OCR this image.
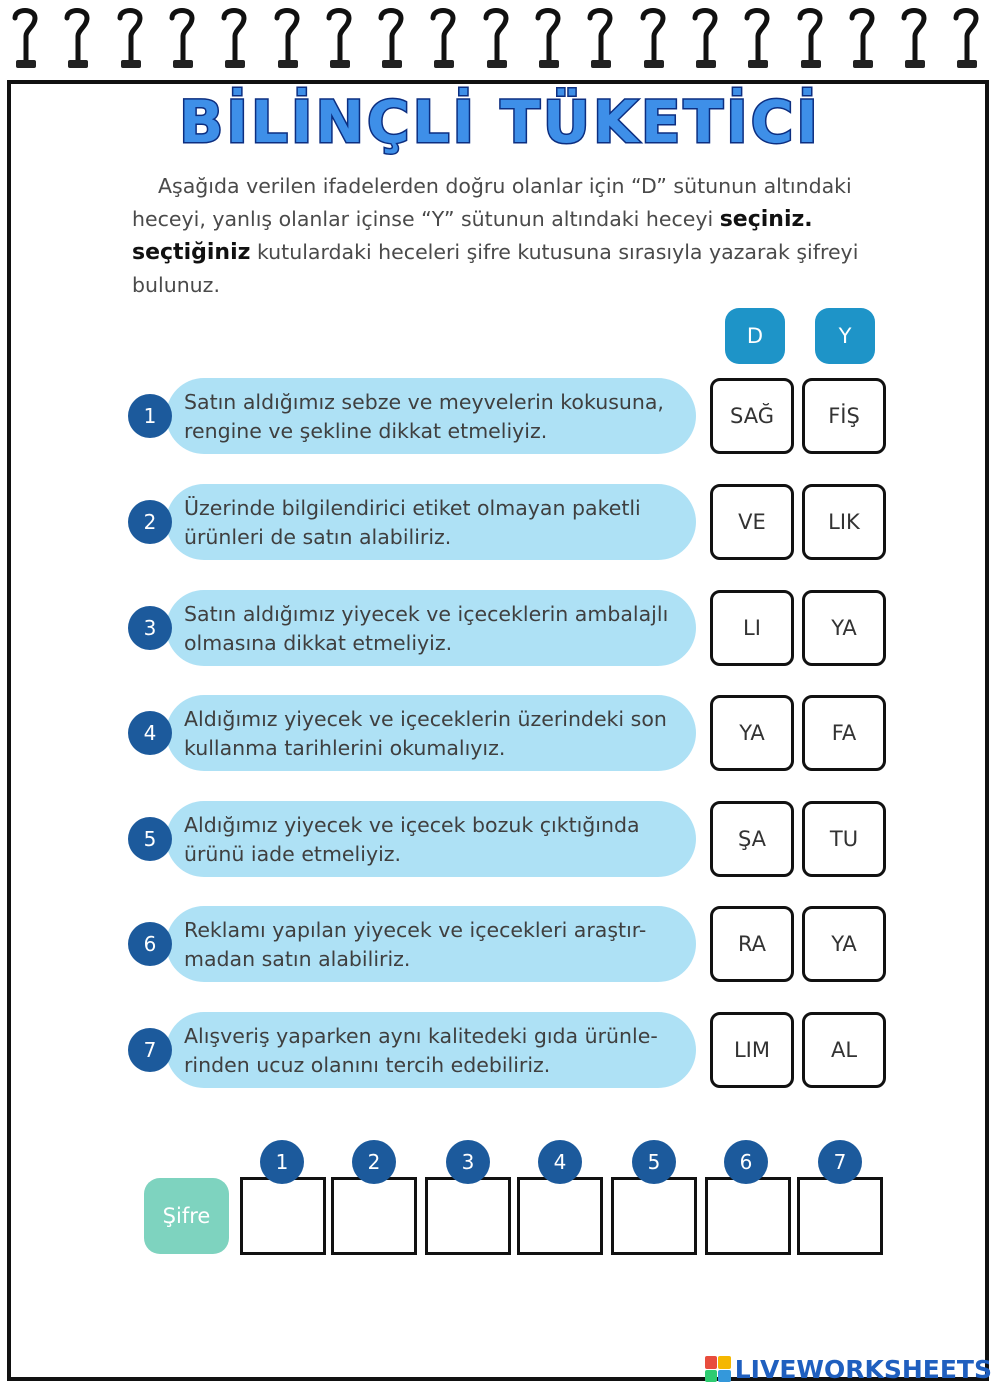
BİLİNÇLİ TÜKETİCİ
Aşağıda verilen ifadelerden doğru olanlar için “D” sütunun altındaki heceyi, yanlış olanlar içinse “Y” sütunun altındaki heceyi seçiniz.
seçtiğiniz kutulardaki heceleri şifre kutusuna sırasıyla yazarak şifreyi bulunuz.
D	Y
1
Satın aldığımız sebze ve meyvelerin kokusuna, rengine ve şekline dikkat etmeliyiz.
SAĞ	FİŞ
2
Üzerinde bilgilendirici etiket olmayan paketli ürünleri de satın alabiliriz.
VE	LIK
3
Satın aldığımız yiyecek ve içeceklerin ambalajlı olmasına dikkat etmeliyiz.
LI	YA
4
Aldığımız yiyecek ve içeceklerin üzerindeki son kullanma tarihlerini okumalıyız.
YA	FA
5
Aldığımız yiyecek ve içecek bozuk çıktığında ürünü iade etmeliyiz.
ŞA	TU
6
Reklamı yapılan yiyecek ve içecekleri araştır- madan satın alabiliriz.
RA	YA
7
Alışveriş yaparken aynı kalitedeki gıda ürünle- rinden ucuz olanını tercih edebiliriz.
LIM	AL
Şifre
1	2	3	4	5	6	7
LIVEWORKSHEETS
